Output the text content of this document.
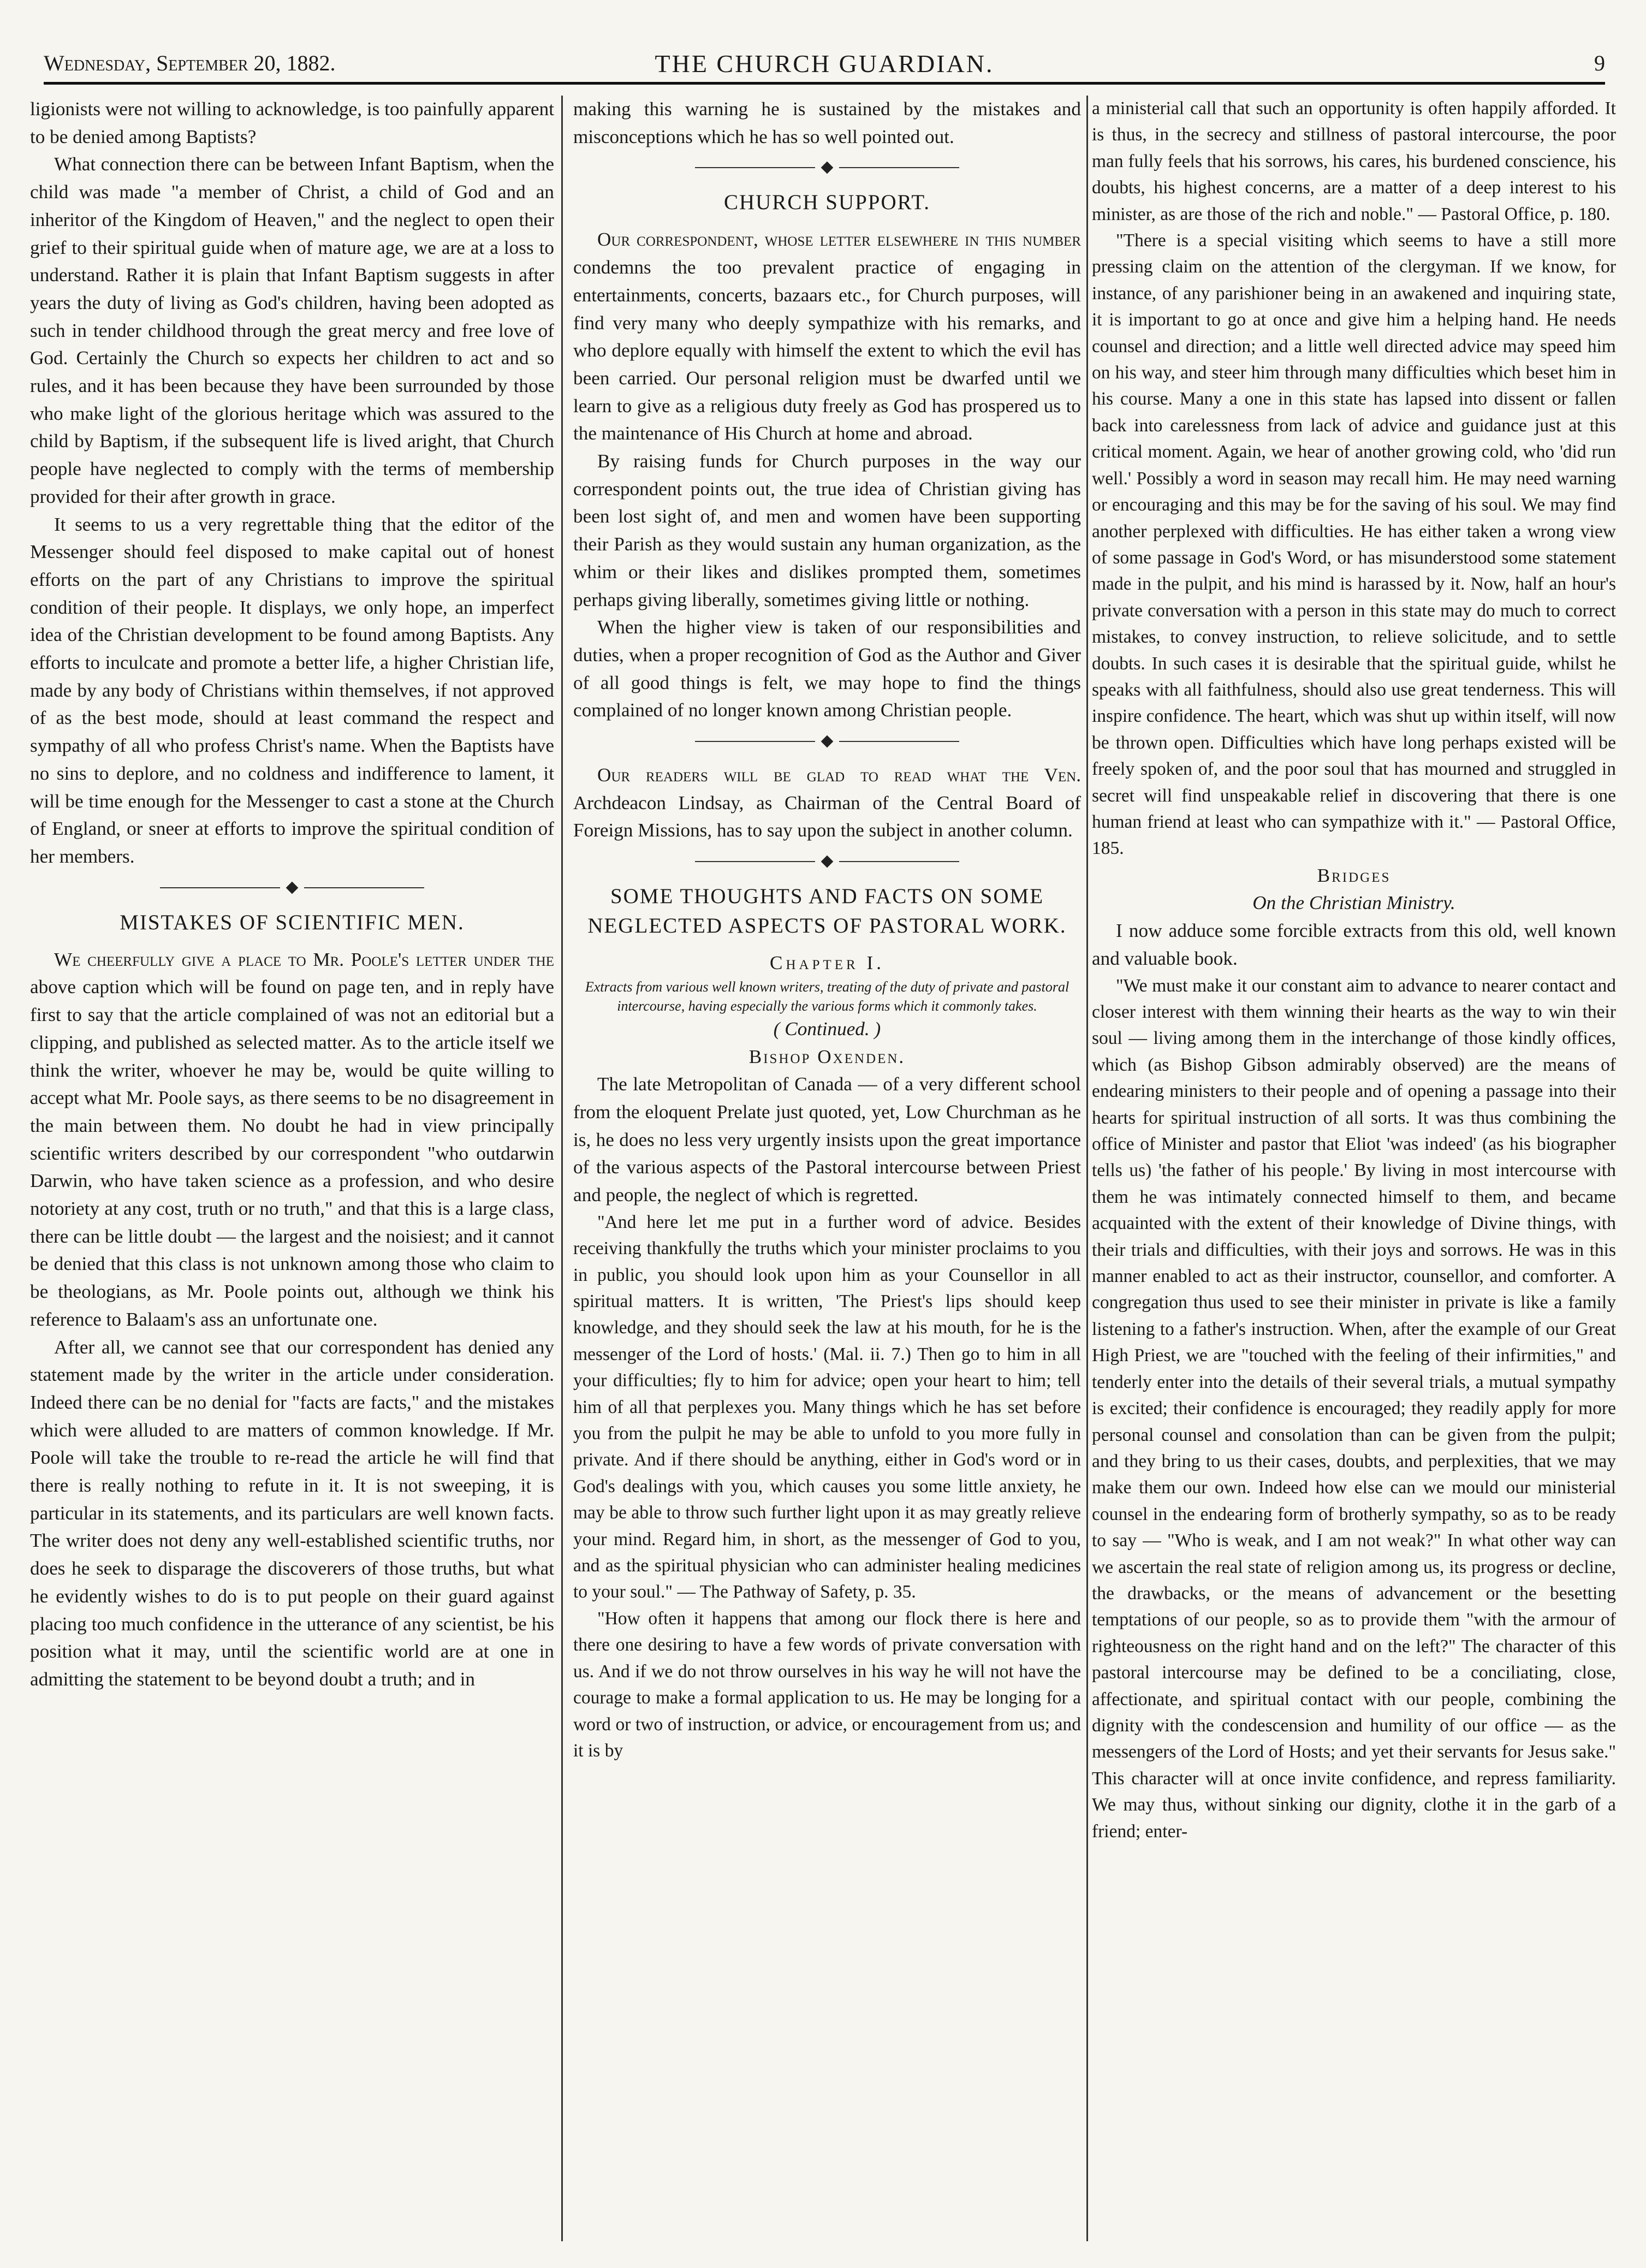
Wednesday, September 20, 1882.	THE CHURCH GUARDIAN.	9

ligionists were not willing to acknowledge, is too painfully apparent to be denied among Baptists?

What connection there can be between Infant Baptism, when the child was made "a member of Christ, a child of God and an inheritor of the Kingdom of Heaven," and the neglect to open their grief to their spiritual guide when of mature age, we are at a loss to understand. Rather it is plain that Infant Baptism suggests in after years the duty of living as God's children, having been adopted as such in tender childhood through the great mercy and free love of God. Certainly the Church so expects her children to act and so rules, and it has been because they have been surrounded by those who make light of the glorious heritage which was assured to the child by Baptism, if the subsequent life is lived aright, that Church people have neglected to comply with the terms of membership provided for their after growth in grace.

It seems to us a very regrettable thing that the editor of the Messenger should feel disposed to make capital out of honest efforts on the part of any Christians to improve the spiritual condition of their people. It displays, we only hope, an imperfect idea of the Christian development to be found among Baptists. Any efforts to inculcate and promote a better life, a higher Christian life, made by any body of Christians within themselves, if not approved of as the best mode, should at least command the respect and sympathy of all who profess Christ's name. When the Baptists have no sins to deplore, and no coldness and indifference to lament, it will be time enough for the Messenger to cast a stone at the Church of England, or sneer at efforts to improve the spiritual condition of her members.

MISTAKES OF SCIENTIFIC MEN.

We cheerfully give a place to Mr. Poole's letter under the above caption which will be found on page ten, and in reply have first to say that the article complained of was not an editorial but a clipping, and published as selected matter. As to the article itself we think the writer, whoever he may be, would be quite willing to accept what Mr. Poole says, as there seems to be no disagreement in the main between them. No doubt he had in view principally scientific writers described by our correspondent "who outdarwin Darwin, who have taken science as a profession, and who desire notoriety at any cost, truth or no truth," and that this is a large class, there can be little doubt — the largest and the noisiest; and it cannot be denied that this class is not unknown among those who claim to be theologians, as Mr. Poole points out, although we think his reference to Balaam's ass an unfortunate one.

After all, we cannot see that our correspondent has denied any statement made by the writer in the article under consideration. Indeed there can be no denial for "facts are facts," and the mistakes which were alluded to are matters of common knowledge. If Mr. Poole will take the trouble to re-read the article he will find that there is really nothing to refute in it. It is not sweeping, it is particular in its statements, and its particulars are well known facts. The writer does not deny any well-established scientific truths, nor does he seek to disparage the discoverers of those truths, but what he evidently wishes to do is to put people on their guard against placing too much confidence in the utterance of any scientist, be his position what it may, until the scientific world are at one in admitting the statement to be beyond doubt a truth; and in

making this warning he is sustained by the mistakes and misconceptions which he has so well pointed out.

CHURCH SUPPORT.

Our correspondent, whose letter elsewhere in this number condemns the too prevalent practice of engaging in entertainments, concerts, bazaars etc., for Church purposes, will find very many who deeply sympathize with his remarks, and who deplore equally with himself the extent to which the evil has been carried. Our personal religion must be dwarfed until we learn to give as a religious duty freely as God has prospered us to the maintenance of His Church at home and abroad.

By raising funds for Church purposes in the way our correspondent points out, the true idea of Christian giving has been lost sight of, and men and women have been supporting their Parish as they would sustain any human organization, as the whim or their likes and dislikes prompted them, sometimes perhaps giving liberally, sometimes giving little or nothing.

When the higher view is taken of our responsibilities and duties, when a proper recognition of God as the Author and Giver of all good things is felt, we may hope to find the things complained of no longer known among Christian people.

Our readers will be glad to read what the Ven. Archdeacon Lindsay, as Chairman of the Central Board of Foreign Missions, has to say upon the subject in another column.

SOME THOUGHTS AND FACTS ON SOME NEGLECTED ASPECTS OF PASTORAL WORK.

Chapter I.

Extracts from various well known writers, treating of the duty of private and pastoral intercourse, having especially the various forms which it commonly takes.

( Continued. )

Bishop Oxenden.

The late Metropolitan of Canada — of a very different school from the eloquent Prelate just quoted, yet, Low Churchman as he is, he does no less very urgently insists upon the great importance of the various aspects of the Pastoral intercourse between Priest and people, the neglect of which is regretted.

"And here let me put in a further word of advice. Besides receiving thankfully the truths which your minister proclaims to you in public, you should look upon him as your Counsellor in all spiritual matters. It is written, 'The Priest's lips should keep knowledge, and they should seek the law at his mouth, for he is the messenger of the Lord of hosts.' (Mal. ii. 7.) Then go to him in all your difficulties; fly to him for advice; open your heart to him; tell him of all that perplexes you. Many things which he has set before you from the pulpit he may be able to unfold to you more fully in private. And if there should be anything, either in God's word or in God's dealings with you, which causes you some little anxiety, he may be able to throw such further light upon it as may greatly relieve your mind. Regard him, in short, as the messenger of God to you, and as the spiritual physician who can administer healing medicines to your soul." — The Pathway of Safety, p. 35.

"How often it happens that among our flock there is here and there one desiring to have a few words of private conversation with us. And if we do not throw ourselves in his way he will not have the courage to make a formal application to us. He may be longing for a word or two of instruction, or advice, or encouragement from us; and it is by

a ministerial call that such an opportunity is often happily afforded. It is thus, in the secrecy and stillness of pastoral intercourse, the poor man fully feels that his sorrows, his cares, his burdened conscience, his doubts, his highest concerns, are a matter of a deep interest to his minister, as are those of the rich and noble." — Pastoral Office, p. 180.

"There is a special visiting which seems to have a still more pressing claim on the attention of the clergyman. If we know, for instance, of any parishioner being in an awakened and inquiring state, it is important to go at once and give him a helping hand. He needs counsel and direction; and a little well directed advice may speed him on his way, and steer him through many difficulties which beset him in his course. Many a one in this state has lapsed into dissent or fallen back into carelessness from lack of advice and guidance just at this critical moment. Again, we hear of another growing cold, who 'did run well.' Possibly a word in season may recall him. He may need warning or encouraging and this may be for the saving of his soul. We may find another perplexed with difficulties. He has either taken a wrong view of some passage in God's Word, or has misunderstood some statement made in the pulpit, and his mind is harassed by it. Now, half an hour's private conversation with a person in this state may do much to correct mistakes, to convey instruction, to relieve solicitude, and to settle doubts. In such cases it is desirable that the spiritual guide, whilst he speaks with all faithfulness, should also use great tenderness. This will inspire confidence. The heart, which was shut up within itself, will now be thrown open. Difficulties which have long perhaps existed will be freely spoken of, and the poor soul that has mourned and struggled in secret will find unspeakable relief in discovering that there is one human friend at least who can sympathize with it." — Pastoral Office, 185.

Bridges

On the Christian Ministry.

I now adduce some forcible extracts from this old, well known and valuable book.

"We must make it our constant aim to advance to nearer contact and closer interest with them winning their hearts as the way to win their soul — living among them in the interchange of those kindly offices, which (as Bishop Gibson admirably observed) are the means of endearing ministers to their people and of opening a passage into their hearts for spiritual instruction of all sorts. It was thus combining the office of Minister and pastor that Eliot 'was indeed' (as his biographer tells us) 'the father of his people.' By living in most intercourse with them he was intimately connected himself to them, and became acquainted with the extent of their knowledge of Divine things, with their trials and difficulties, with their joys and sorrows. He was in this manner enabled to act as their instructor, counsellor, and comforter. A congregation thus used to see their minister in private is like a family listening to a father's instruction. When, after the example of our Great High Priest, we are "touched with the feeling of their infirmities," and tenderly enter into the details of their several trials, a mutual sympathy is excited; their confidence is encouraged; they readily apply for more personal counsel and consolation than can be given from the pulpit; and they bring to us their cases, doubts, and perplexities, that we may make them our own. Indeed how else can we mould our ministerial counsel in the endearing form of brotherly sympathy, so as to be ready to say — "Who is weak, and I am not weak?" In what other way can we ascertain the real state of religion among us, its progress or decline, the drawbacks, or the means of advancement or the besetting temptations of our people, so as to provide them "with the armour of righteousness on the right hand and on the left?" The character of this pastoral intercourse may be defined to be a conciliating, close, affectionate, and spiritual contact with our people, combining the dignity with the condescension and humility of our office — as the messengers of the Lord of Hosts; and yet their servants for Jesus sake." This character will at once invite confidence, and repress familiarity. We may thus, without sinking our dignity, clothe it in the garb of a friend; enter-
